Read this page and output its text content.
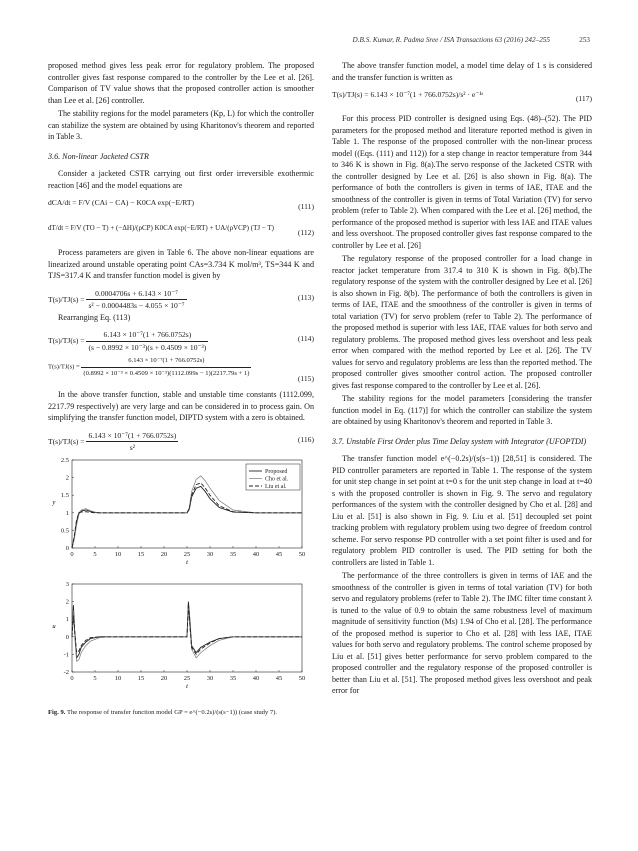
D.B.S. Kumar, R. Padma Sree / ISA Transactions 63 (2016) 242–255	253

proposed method gives less peak error for regulatory problem. The proposed controller gives fast response compared to the controller by the Lee et al. [26]. Comparison of TV value shows that the proposed controller action is smoother than Lee et al. [26] controller.

The stability regions for the model parameters (Kp, L) for which the controller can stabilize the system are obtained by using Kharitonov's theorem and reported in Table 3.

3.6. Non-linear Jacketed CSTR

Consider a jacketed CSTR carrying out first order irreversible exothermic reaction [46] and the model equations are

dCA/dt = F/V (CAi − CA) − K0CA exp(−E/RT)	(111)
dT/dt = F/V (TO − T) + (−ΔH)/(ρCP) K0CA exp(−E/RT) + UA/(ρVCP) (TJ − T)	(112)

Process parameters are given in Table 6. The above non-linear equations are linearized around unstable operating point CAs=3.734 K mol/m³, TS=344 K and TJS=317.4 K and transfer function model is given by

$T(s)/TJ(s) = \frac{\text{0.0004706s + 6.143 × 10⁻⁷}}{\text{s² − 0.0004483s − 4.055 × 10⁻⁷}}$	(113)

Rearranging Eq. (113)

$T(s)/TJ(s) = \frac{\text{6.143 × 10⁻⁷(1 + 766.0752s)}}{\text{(s − 0.8992 × 10⁻³)(s + 0.4509 × 10⁻³)}}$	(114)
$T(s)/TJ(s) = \frac{\text{6.143 × 10⁻⁷(1 + 766.0752s)}}{\text{(0.8992 × 10⁻³ × 0.4509 × 10⁻³)(1112.099s − 1)(2217.79s + 1)}}$	(115)

In the above transfer function, stable and unstable time constants (1112.099, 2217.79 respectively) are very large and can be considered in to process gain. On simplifying the transfer function model, DIPTD system with a zero is obtained.

$T(s)/TJ(s) = \frac{\text{6.143 × 10⁻⁷(1 + 766.0752s)}}{\text{s²}}$	(116)
0	5	10	15	20	25	30	35	40	45	50
0
0.5
1
1.5
2
2.5
t
y
Proposed
Cho et al.
Liu et al.
0	5	10	15	20	25	30	35	40	45	50
-2
-1
0
1
2
3
t
u
Fig. 9. The response of transfer function model GP = e^(−0.2s)/(s(s−1)) (case study 7).

The above transfer function model, a model time delay of 1 s is considered and the transfer function is written as

T(s)/TJ(s) = 6.143 × 10⁻⁷(1 + 766.0752s)/s² · e⁻¹ˢ	(117)

For this process PID controller is designed using Eqs. (48)–(52). The PID parameters for the proposed method and literature reported method is given in Table 1. The response of the proposed controller with the non-linear process model ((Eqs. (111) and 112)) for a step change in reactor temperature from 344 to 346 K is shown in Fig. 8(a).The servo response of the Jacketed CSTR with the controller designed by Lee et al. [26] is also shown in Fig. 8(a). The performance of both the controllers is given in terms of IAE, ITAE and the smoothness of the controller is given in terms of Total Variation (TV) for servo problem (refer to Table 2). When compared with the Lee et al. [26] method, the performance of the proposed method is superior with less IAE and ITAE values and less overshoot. The proposed controller gives fast response compared to the controller by Lee et al. [26]

The regulatory response of the proposed controller for a load change in reactor jacket temperature from 317.4 to 310 K is shown in Fig. 8(b).The regulatory response of the system with the controller designed by Lee et al. [26] is also shown in Fig. 8(b). The performance of both the controllers is given in terms of IAE, ITAE and the smoothness of the controller is given in terms of total variation (TV) for servo problem (refer to Table 2). The performance of the proposed method is superior with less IAE, ITAE values for both servo and regulatory problems. The proposed method gives less overshoot and less peak error when compared with the method reported by Lee et al. [26]. The TV values for servo and regulatory problems are less than the reported method. The proposed controller gives smoother control action. The proposed controller gives fast response compared to the controller by Lee et al. [26].

The stability regions for the model parameters [considering the transfer function model in Eq. (117)] for which the controller can stabilize the system are obtained by using Kharitonov's theorem and reported in Table 3.

3.7. Unstable First Order plus Time Delay system with Integrator (UFOPTDI)

The transfer function model e^(−0.2s)/(s(s−1)) [28,51] is considered. The PID controller parameters are reported in Table 1. The response of the system for unit step change in set point at t=0 s for the unit step change in load at t=40 s with the proposed controller is shown in Fig. 9. The servo and regulatory performances of the system with the controller designed by Cho et al. [28] and Liu et al. [51] is also shown in Fig. 9. Liu et al. [51] decoupled set point tracking problem with regulatory problem using two degree of freedom control scheme. For servo response PD controller with a set point filter is used and for regulatory problem PID controller is used. The PID setting for both the controllers are listed in Table 1.

The performance of the three controllers is given in terms of IAE and the smoothness of the controller is given in terms of total variation (TV) for both servo and regulatory problems (refer to Table 2). The IMC filter time constant λ is tuned to the value of 0.9 to obtain the same robustness level of maximum magnitude of sensitivity function (Ms) 1.94 of Cho et al. [28]. The performance of the proposed method is superior to Cho et al. [28] with less IAE, ITAE values for both servo and regulatory problems. The control scheme proposed by Liu et al. [51] gives better performance for servo problem compared to the proposed controller and the regulatory response of the proposed controller is better than Liu et al. [51]. The proposed method gives less overshoot and peak error for
